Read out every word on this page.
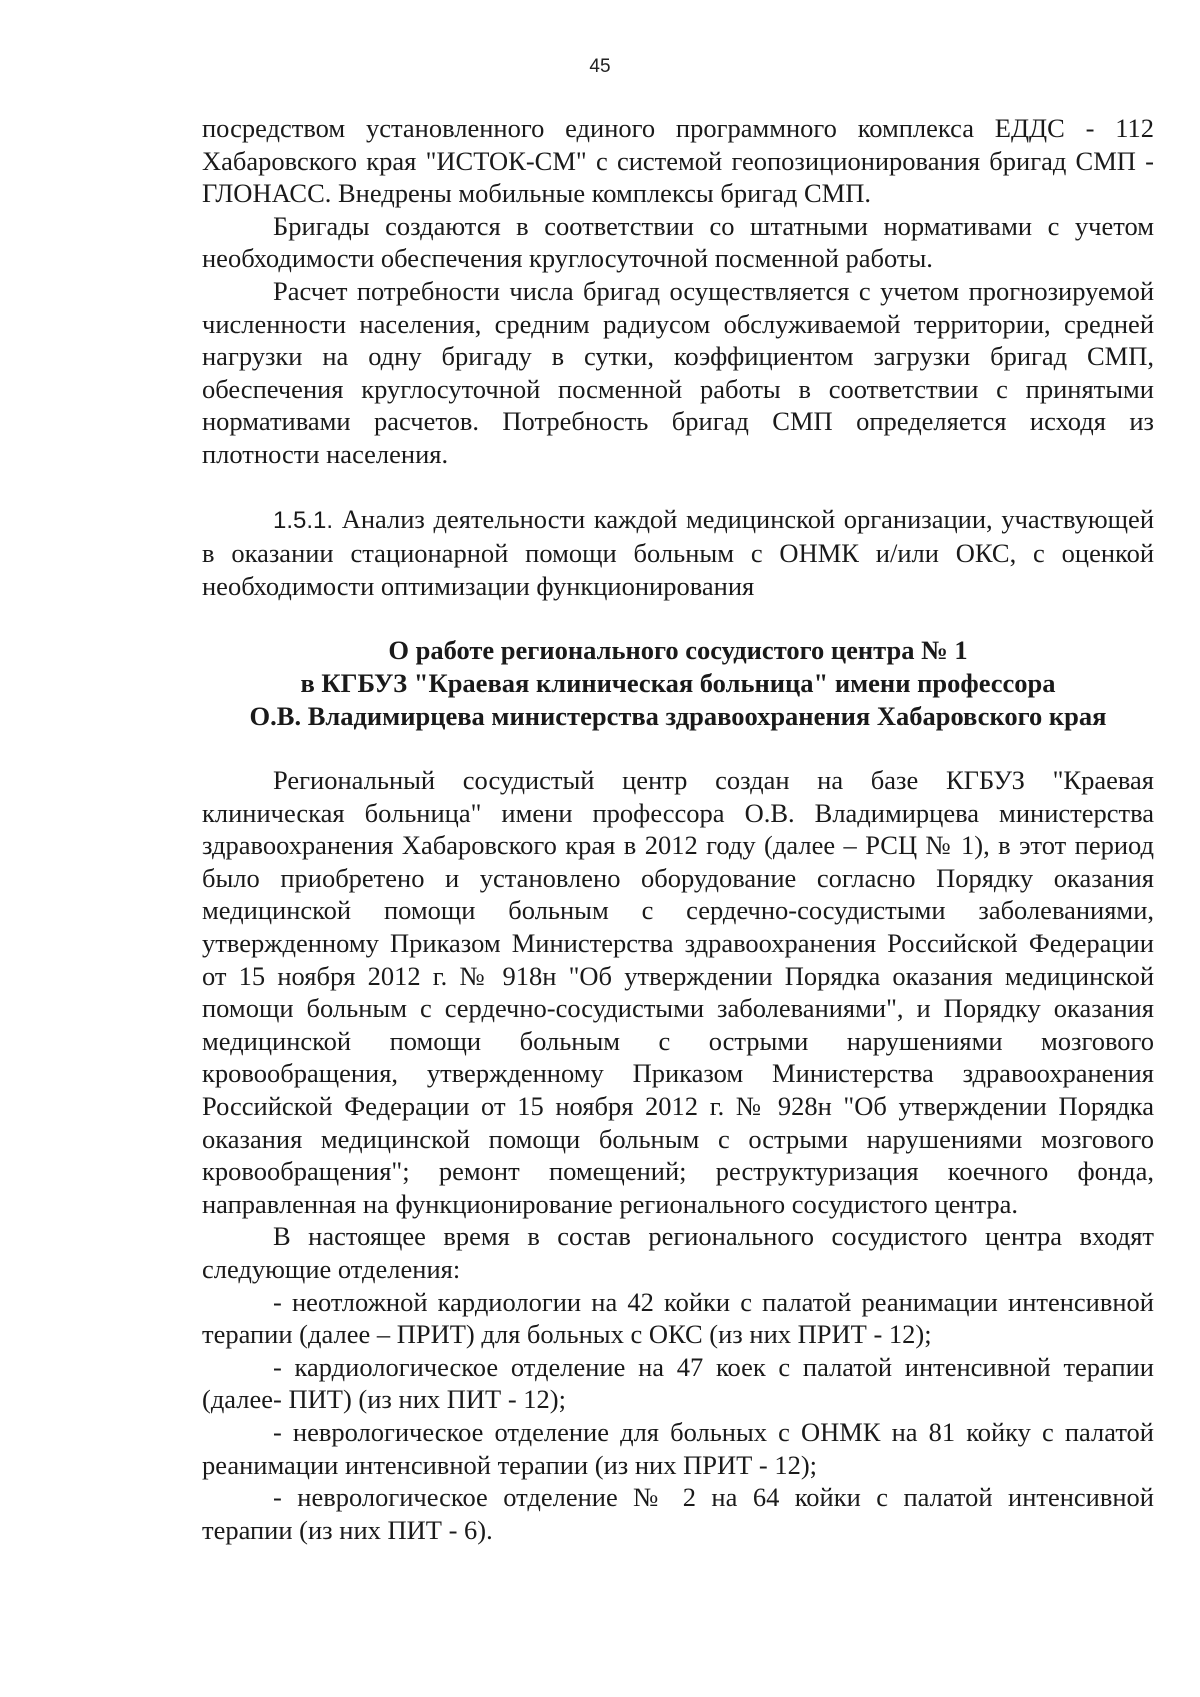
45

посредством установленного единого программного комплекса ЕДДС - 112 Хабаровского края "ИСТОК-СМ" с системой геопозиционирования бригад СМП - ГЛОНАСС. Внедрены мобильные комплексы бригад СМП.

Бригады создаются в соответствии со штатными нормативами с учетом необходимости обеспечения круглосуточной посменной работы.

Расчет потребности числа бригад осуществляется с учетом прогнозируемой численности населения, средним радиусом обслуживаемой территории, средней нагрузки на одну бригаду в сутки, коэффициентом загрузки бригад СМП, обеспечения круглосуточной посменной работы в соответствии с принятыми нормативами расчетов. Потребность бригад СМП определяется исходя из плотности населения.

1.5.1. Анализ деятельности каждой медицинской организации, участвующей в оказании стационарной помощи больным с ОНМК и/или ОКС, с оценкой необходимости оптимизации функционирования

О работе регионального сосудистого центра № 1
в КГБУЗ "Краевая клиническая больница" имени профессора
О.В. Владимирцева министерства здравоохранения Хабаровского края

Региональный сосудистый центр создан на базе КГБУЗ "Краевая клиническая больница" имени профессора О.В. Владимирцева министерства здравоохранения Хабаровского края в 2012 году (далее – РСЦ № 1), в этот период было приобретено и установлено оборудование согласно Порядку оказания медицинской помощи больным с сердечно-сосудистыми заболеваниями, утвержденному Приказом Министерства здравоохранения Российской Федерации от 15 ноября 2012 г. № 918н "Об утверждении Порядка оказания медицинской помощи больным с сердечно-сосудистыми заболеваниями", и Порядку оказания медицинской помощи больным с острыми нарушениями мозгового кровообращения, утвержденному Приказом Министерства здравоохранения Российской Федерации от 15 ноября 2012 г. № 928н "Об утверждении Порядка оказания медицинской помощи больным с острыми нарушениями мозгового кровообращения"; ремонт помещений; реструктуризация коечного фонда, направленная на функционирование регионального сосудистого центра.

В настоящее время в состав регионального сосудистого центра входят следующие отделения:

- неотложной кардиологии на 42 койки с палатой реанимации интенсивной терапии (далее – ПРИТ) для больных с ОКС (из них ПРИТ - 12);

- кардиологическое отделение на 47 коек с палатой интенсивной терапии (далее- ПИТ) (из них ПИТ - 12);

- неврологическое отделение для больных с ОНМК на 81 койку с палатой реанимации интенсивной терапии (из них ПРИТ - 12);

- неврологическое отделение № 2 на 64 койки с палатой интенсивной терапии (из них ПИТ - 6).
